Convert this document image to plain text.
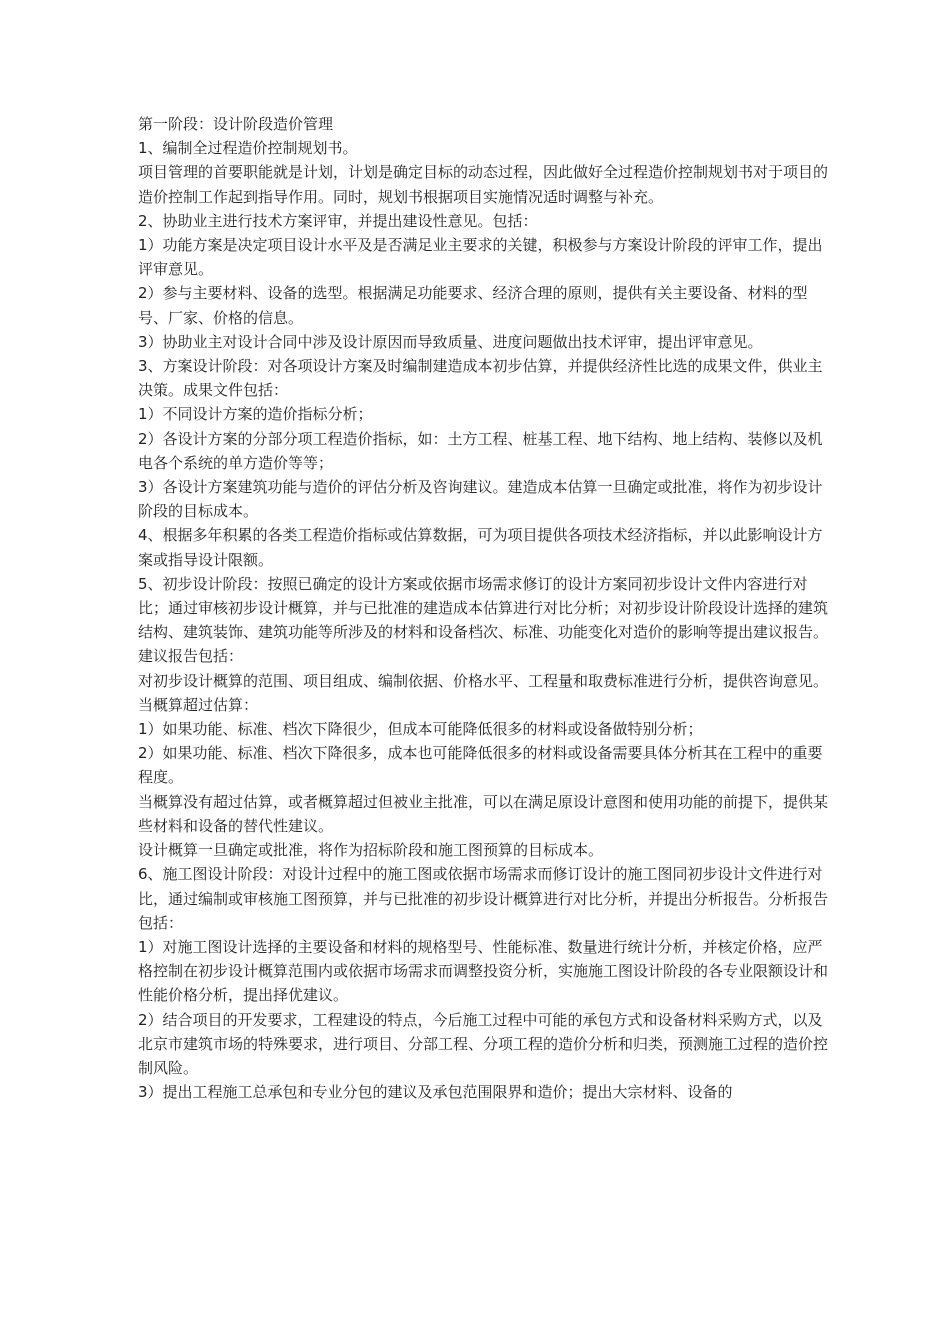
第一阶段：设计阶段造价管理

1、编制全过程造价控制规划书。

项目管理的首要职能就是计划，计划是确定目标的动态过程，因此做好全过程造价控制规划书对于项目的造价控制工作起到指导作用。同时，规划书根据项目实施情况适时调整与补充。

2、协助业主进行技术方案评审，并提出建设性意见。包括：

1）功能方案是决定项目设计水平及是否满足业主要求的关键，积极参与方案设计阶段的评审工作，提出评审意见。

2）参与主要材料、设备的选型。根据满足功能要求、经济合理的原则，提供有关主要设备、材料的型号、厂家、价格的信息。

3）协助业主对设计合同中涉及设计原因而导致质量、进度问题做出技术评审，提出评审意见。

3、方案设计阶段：对各项设计方案及时编制建造成本初步估算，并提供经济性比选的成果文件，供业主决策。成果文件包括：

1）不同设计方案的造价指标分析；

2）各设计方案的分部分项工程造价指标，如：土方工程、桩基工程、地下结构、地上结构、装修以及机电各个系统的单方造价等等；

3）各设计方案建筑功能与造价的评估分析及咨询建议。建造成本估算一旦确定或批准，将作为初步设计阶段的目标成本。

4、根据多年积累的各类工程造价指标或估算数据，可为项目提供各项技术经济指标，并以此影响设计方案或指导设计限额。

5、初步设计阶段：按照已确定的设计方案或依据市场需求修订的设计方案同初步设计文件内容进行对比；通过审核初步设计概算，并与已批准的建造成本估算进行对比分析；对初步设计阶段设计选择的建筑结构、建筑装饰、建筑功能等所涉及的材料和设备档次、标准、功能变化对造价的影响等提出建议报告。建议报告包括：

对初步设计概算的范围、项目组成、编制依据、价格水平、工程量和取费标准进行分析，提供咨询意见。

当概算超过估算：

1）如果功能、标准、档次下降很少，但成本可能降低很多的材料或设备做特别分析；

2）如果功能、标准、档次下降很多，成本也可能降低很多的材料或设备需要具体分析其在工程中的重要程度。

当概算没有超过估算，或者概算超过但被业主批准，可以在满足原设计意图和使用功能的前提下，提供某些材料和设备的替代性建议。

设计概算一旦确定或批准，将作为招标阶段和施工图预算的目标成本。

6、施工图设计阶段：对设计过程中的施工图或依据市场需求而修订设计的施工图同初步设计文件进行对比，通过编制或审核施工图预算，并与已批准的初步设计概算进行对比分析，并提出分析报告。分析报告包括：

1）对施工图设计选择的主要设备和材料的规格型号、性能标准、数量进行统计分析，并核定价格，应严格控制在初步设计概算范围内或依据市场需求而调整投资分析，实施施工图设计阶段的各专业限额设计和性能价格分析，提出择优建议。

2）结合项目的开发要求，工程建设的特点，今后施工过程中可能的承包方式和设备材料采购方式，以及北京市建筑市场的特殊要求，进行项目、分部工程、分项工程的造价分析和归类，预测施工过程的造价控制风险。

3）提出工程施工总承包和专业分包的建议及承包范围限界和造价；提出大宗材料、设备的
